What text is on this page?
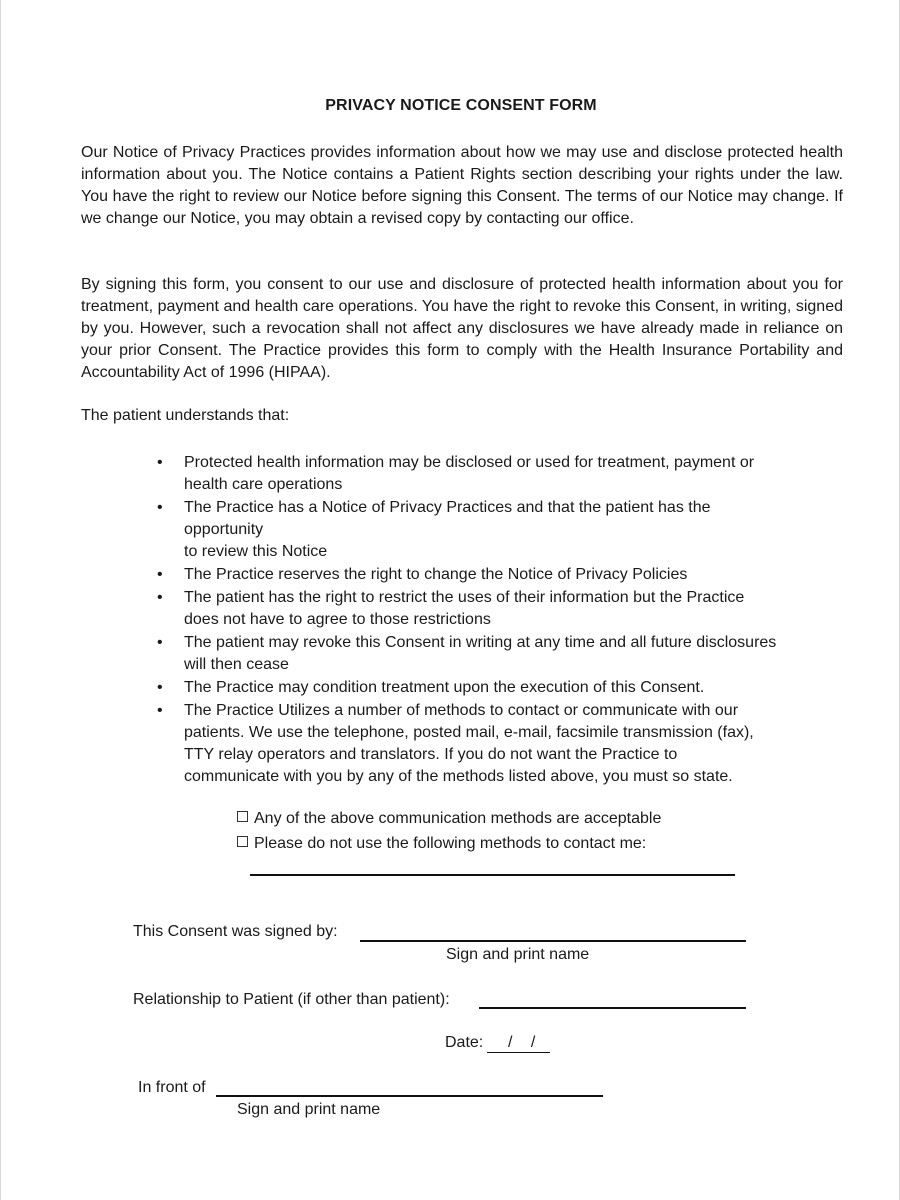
PRIVACY NOTICE CONSENT FORM

Our Notice of Privacy Practices provides information about how we may use and disclose protected health information about you. The Notice contains a Patient Rights section describing your rights under the law. You have the right to review our Notice before signing this Consent. The terms of our Notice may change. If we change our Notice, you may obtain a revised copy by contacting our office.

By signing this form, you consent to our use and disclosure of protected health information about you for treatment, payment and health care operations. You have the right to revoke this Consent, in writing, signed by you. However, such a revocation shall not affect any disclosures we have already made in reliance on your prior Consent. The Practice provides this form to comply with the Health Insurance Portability and Accountability Act of 1996 (HIPAA).

The patient understands that:

• Protected health information may be disclosed or used for treatment, payment or
health care operations
• The Practice has a Notice of Privacy Practices and that the patient has the
opportunity
to review this Notice
• The Practice reserves the right to change the Notice of Privacy Policies
• The patient has the right to restrict the uses of their information but the Practice
does not have to agree to those restrictions
• The patient may revoke this Consent in writing at any time and all future disclosures
will then cease
• The Practice may condition treatment upon the execution of this Consent.
• The Practice Utilizes a number of methods to contact or communicate with our
patients. We use the telephone, posted mail, e-mail, facsimile transmission (fax),
TTY relay operators and translators. If you do not want the Practice to
communicate with you by any of the methods listed above, you must so state.
Any of the above communication methods are acceptable
Please do not use the following methods to contact me:
This Consent was signed by:
Sign and print name
Relationship to Patient (if other than patient):
Date: / /
In front of
Sign and print name
